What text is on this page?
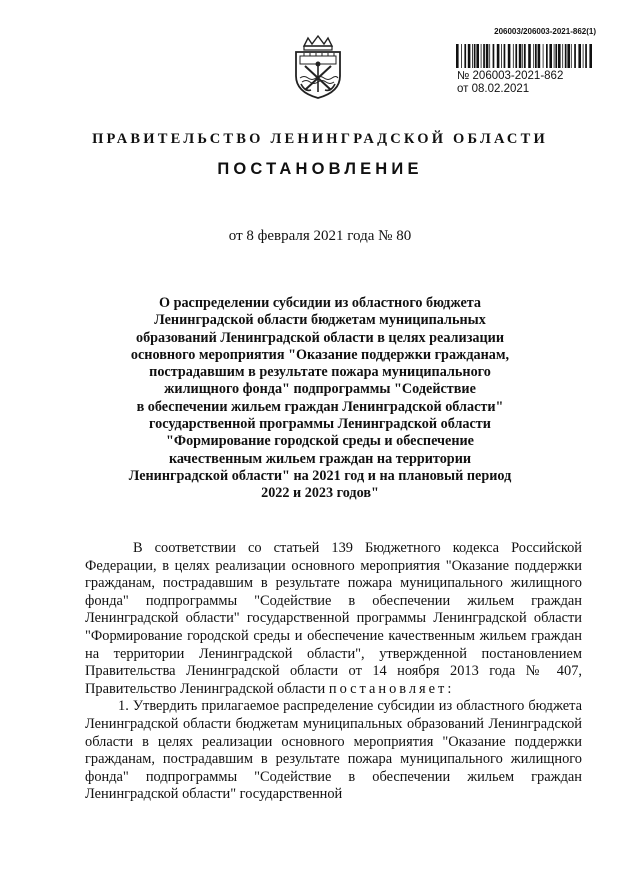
206003/206003-2021-862(1)
№ 206003-2021-862
от 08.02.2021
ПРАВИТЕЛЬСТВО ЛЕНИНГРАДСКОЙ ОБЛАСТИ
ПОСТАНОВЛЕНИЕ
от 8 февраля 2021 года № 80
О распределении субсидии из областного бюджета
Ленинградской области бюджетам муниципальных
образований Ленинградской области в целях реализации
основного мероприятия "Оказание поддержки гражданам,
пострадавшим в результате пожара муниципального
жилищного фонда" подпрограммы "Содействие
в обеспечении жильем граждан Ленинградской области"
государственной программы Ленинградской области
"Формирование городской среды и обеспечение
качественным жильем граждан на территории
Ленинградской области" на 2021 год и на плановый период
2022 и 2023 годов"

В соответствии со статьей 139 Бюджетного кодекса Российской Федерации, в целях реализации основного мероприятия "Оказание поддержки гражданам, пострадавшим в результате пожара муниципального жилищного фонда" подпрограммы "Содействие в обеспечении жильем граждан Ленинградской области" государственной программы Ленинградской области "Формирование городской среды и обеспечение качественным жильем граждан на территории Ленинградской области", утвержденной постановлением Правительства Ленинградской области от 14 ноября 2013 года № 407, Правительство Ленинградской области постановляет:

1. Утвердить прилагаемое распределение субсидии из областного бюджета Ленинградской области бюджетам муниципальных образований Ленинградской области в целях реализации основного мероприятия "Оказание поддержки гражданам, пострадавшим в результате пожара муниципального жилищного фонда" подпрограммы "Содействие в обеспечении жильем граждан Ленинградской области" государственной
